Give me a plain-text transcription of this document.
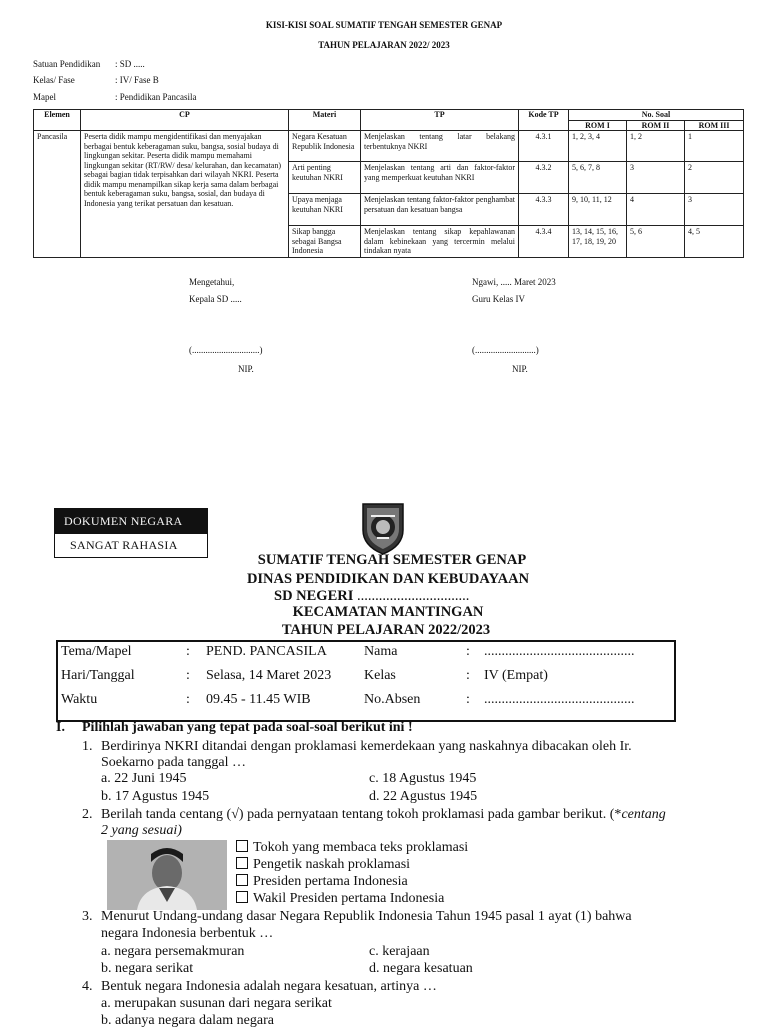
KISI-KISI SOAL SUMATIF TENGAH SEMESTER GENAP
TAHUN PELAJARAN 2022/ 2023
Satuan Pendidikan : SD .....
Kelas/ Fase	: IV/ Fase B
Mapel	: Pendidikan Pancasila
Elemen	CP	Materi	TP	Kode TP	No. Soal		
					ROM I	ROM II	ROM III
Pancasila	Peserta didik mampu mengidentifikasi dan menyajakan berbagai bentuk keberagaman suku, bangsa, sosial budaya di lingkungan sekitar. Peserta didik mampu memahami lingkungan sekitar (RT/RW/ desa/ kelurahan, dan kecamatan) sebagai bagian tidak terpisahkan dari wilayah NKRI. Peserta didik mampu menampilkan sikap kerja sama dalam berbagai bentuk keberagaman suku, bangsa, sosial, dan budaya di Indonesia yang terikat persatuan dan kesatuan.	Negara Kesatuan Republik Indonesia	Menjelaskan tentang latar belakang terbentuknya NKRI	4.3.1	1, 2, 3, 4	1, 2	1
		Arti penting keutuhan NKRI	Menjelaskan tentang arti dan faktor-faktor yang memperkuat keutuhan NKRI	4.3.2	5, 6, 7, 8	3	2
		Upaya menjaga keutuhan NKRI	Menjelaskan tentang faktor-faktor penghambat persatuan dan kesatuan bangsa	4.3.3	9, 10, 11, 12	4	3
		Sikap bangga sebagai Bangsa Indonesia	Menjelaskan tentang sikap kepahlawanan dalam kebinekaan yang tercermin melalui tindakan nyata	4.3.4	13, 14, 15, 16, 17, 18, 19, 20	5, 6	4, 5
Mengetahui,
Kepala SD .....
(..............................)
NIP.
Ngawi, ..... Maret 2023
Guru Kelas IV
(...........................)
NIP.
DOKUMEN NEGARA
SANGAT RAHASIA
SUMATIF TENGAH SEMESTER GENAP
DINAS PENDIDIKAN DAN KEBUDAYAAN
SD NEGERI ...............................
KECAMATAN MANTINGAN
TAHUN PELAJARAN 2022/2023
Tema/Mapel	: PEND. PANCASILA	Nama	: ...........................................
Hari/Tanggal	: Selasa, 14 Maret 2023 Kelas	: IV (Empat)
Waktu	: 09.45 - 11.45 WIB	No.Absen	: ...........................................
I. Pilihlah jawaban yang tepat pada soal-soal berikut ini !
1. Berdirinya NKRI ditandai dengan proklamasi kemerdekaan yang naskahnya dibacakan oleh Ir.
Soekarno pada tanggal …
a. 22 Juni 1945
b. 17 Agustus 1945
c. 18 Agustus 1945
d. 22 Agustus 1945
2. Berilah tanda centang (√) pada pernyataan tentang tokoh proklamasi pada gambar berikut. (*centang
2 yang sesuai)
Tokoh yang membaca teks proklamasi
Pengetik naskah proklamasi
Presiden pertama Indonesia
Wakil Presiden pertama Indonesia
3. Menurut Undang-undang dasar Negara Republik Indonesia Tahun 1945 pasal 1 ayat (1) bahwa
negara Indonesia berbentuk …
a. negara persemakmuran
b. negara serikat
c. kerajaan
d. negara kesatuan
4. Bentuk negara Indonesia adalah negara kesatuan, artinya …
a. merupakan susunan dari negara serikat
b. adanya negara dalam negara
